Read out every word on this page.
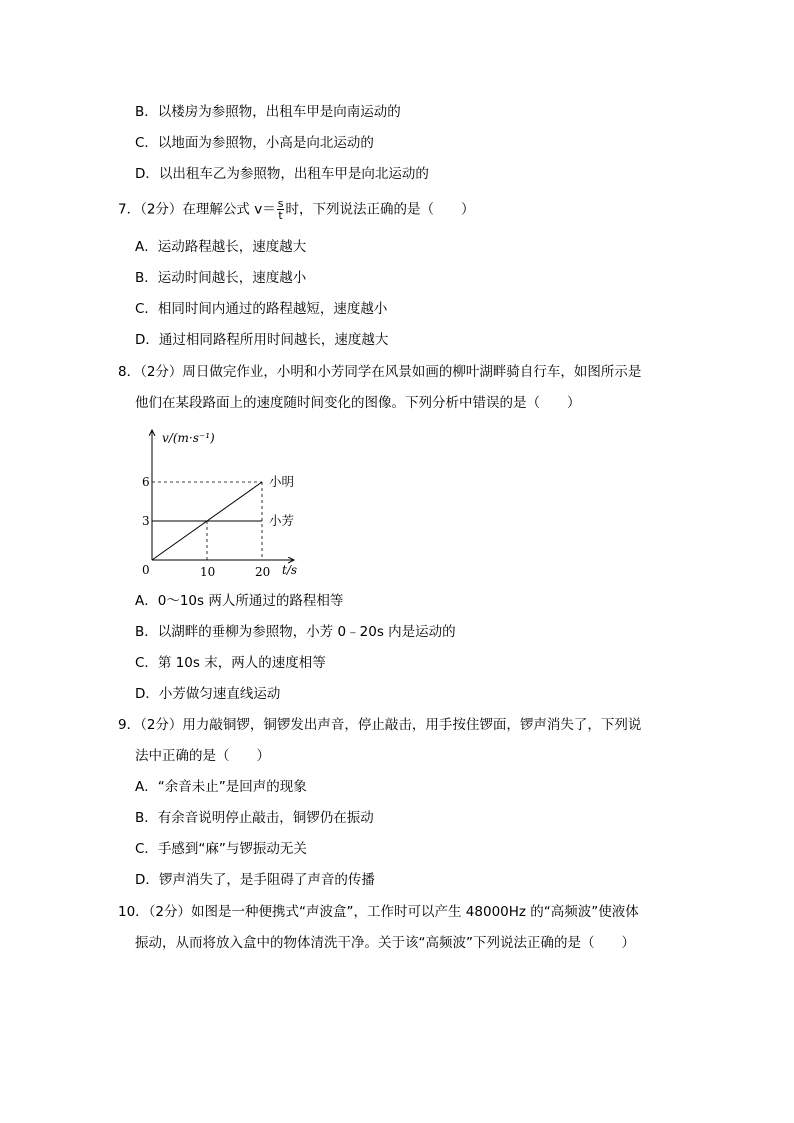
B．以楼房为参照物，出租车甲是向南运动的
C．以地面为参照物，小高是向北运动的
D．以出租车乙为参照物，出租车甲是向北运动的
7．（2分）在理解公式 $v= \frac{s}{t}$ 时，下列说法正确的是（　　）
A．运动路程越长，速度越大
B．运动时间越长，速度越小
C．相同时间内通过的路程越短，速度越小
D．通过相同路程所用时间越长，速度越大
8．（2分）周日做完作业，小明和小芳同学在风景如画的柳叶湖畔骑自行车，如图所示是
他们在某段路面上的速度随时间变化的图像。下列分析中错误的是（　　）
小明
小芳
3
6
10	20
0	t/s
v/(m·s⁻¹)
A．0～10s 两人所通过的路程相等
B．以湖畔的垂柳为参照物，小芳 0﹣20s 内是运动的
C．第 10s 末，两人的速度相等
D．小芳做匀速直线运动
9．（2分）用力敲铜锣，铜锣发出声音，停止敲击，用手按住锣面，锣声消失了，下列说
法中正确的是（　　）
A．“余音未止”是回声的现象
B．有余音说明停止敲击，铜锣仍在振动
C．手感到“麻”与锣振动无关
D．锣声消失了，是手阻碍了声音的传播
10．（2分）如图是一种便携式“声波盒”，工作时可以产生 48000Hz 的“高频波”使液体
振动，从而将放入盒中的物体清洗干净。关于该“高频波”下列说法正确的是（　　）
